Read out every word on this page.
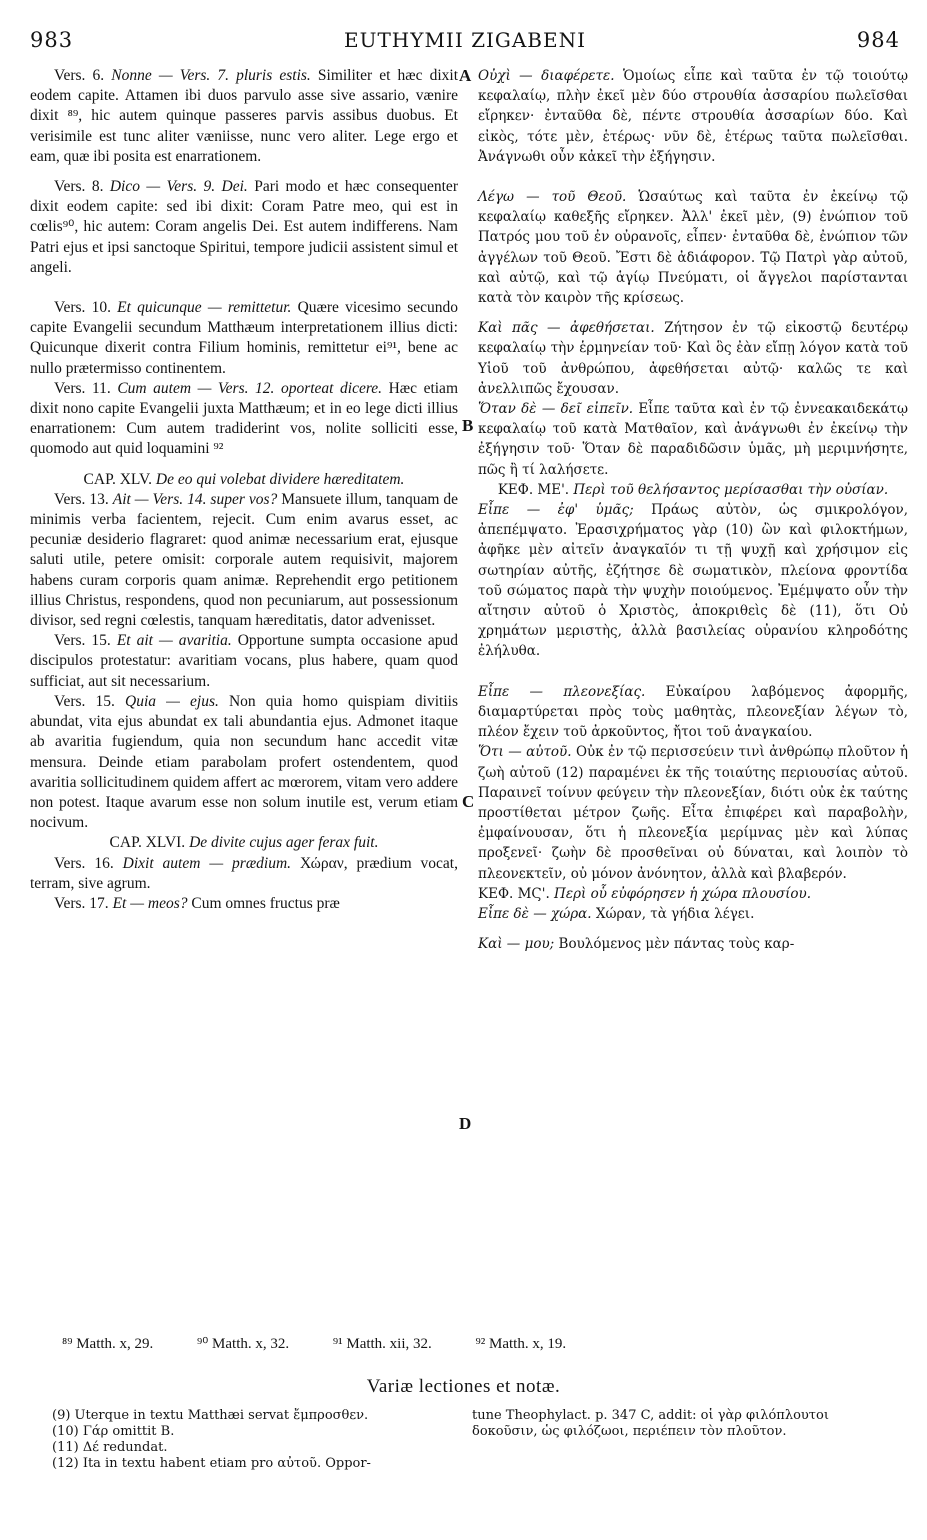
983	EUTHYMII ZIGABENI	984

Vers. 6. Nonne — Vers. 7. pluris estis. Similiter et hæc dixit eodem capite. Attamen ibi duos parvulo asse sive assario, vænire dixit ⁸⁹, hic autem quinque passeres parvis assibus duobus. Et verisimile est tunc aliter væniisse, nunc vero aliter. Lege ergo et eam, quæ ibi posita est enarrationem.

Vers. 8. Dico — Vers. 9. Dei. Pari modo et hæc consequenter dixit eodem capite: sed ibi dixit: Coram Patre meo, qui est in cœlis⁹⁰, hic autem: Coram angelis Dei. Est autem indifferens. Nam Patri ejus et ipsi sanctoque Spiritui, tempore judicii assistent simul et angeli.

Vers. 10. Et quicunque — remittetur. Quære vicesimo secundo capite Evangelii secundum Matthæum interpretationem illius dicti: Quicunque dixerit contra Filium hominis, remittetur ei⁹¹, bene ac nullo prætermisso continentem.

Vers. 11. Cum autem — Vers. 12. oporteat dicere. Hæc etiam dixit nono capite Evangelii juxta Matthæum; et in eo lege dicti illius enarrationem: Cum autem tradiderint vos, nolite solliciti esse, quomodo aut quid loquamini ⁹²

CAP. XLV. De eo qui volebat dividere hæreditatem.

Vers. 13. Ait — Vers. 14. super vos? Mansuete illum, tanquam de minimis verba facientem, rejecit. Cum enim avarus esset, ac pecuniæ desiderio flagraret: quod animæ necessarium erat, ejusque saluti utile, petere omisit: corporale autem requisivit, majorem habens curam corporis quam animæ. Reprehendit ergo petitionem illius Christus, respondens, quod non pecuniarum, aut possessionum divisor, sed regni cœlestis, tanquam hæreditatis, dator advenisset.

Vers. 15. Et ait — avaritia. Opportune sumpta occasione apud discipulos protestatur: avaritiam vocans, plus habere, quam quod sufficiat, aut sit necessarium.

Vers. 15. Quia — ejus. Non quia homo quispiam divitiis abundat, vita ejus abundat ex tali abundantia ejus. Admonet itaque ab avaritia fugiendum, quia non secundum hanc accedit vitæ mensura. Deinde etiam parabolam profert ostendentem, quod avaritia sollicitudinem quidem affert ac mœrorem, vitam vero addere non potest. Itaque avarum esse non solum inutile est, verum etiam nocivum.

CAP. XLVI. De divite cujus ager ferax fuit.

Vers. 16. Dixit autem — prædium. Χώραν, prædium vocat, terram, sive agrum.

Vers. 17. Et — meos? Cum omnes fructus præ

A
B
C
D

Οὐχὶ — διαφέρετε. Ὁμοίως εἶπε καὶ ταῦτα ἐν τῷ τοιούτῳ κεφαλαίῳ, πλὴν ἐκεῖ μὲν δύο στρουθία ἀσσαρίου πωλεῖσθαι εἴρηκεν· ἐνταῦθα δὲ, πέντε στρουθία ἀσσαρίων δύο. Καὶ εἰκὸς, τότε μὲν, ἑτέρως· νῦν δὲ, ἑτέρως ταῦτα πωλεῖσθαι. Ἀνάγνωθι οὖν κἀκεῖ τὴν ἐξήγησιν.

Λέγω — τοῦ Θεοῦ. Ὡσαύτως καὶ ταῦτα ἐν ἐκείνῳ τῷ κεφαλαίῳ καθεξῆς εἴρηκεν. Ἀλλ' ἐκεῖ μὲν, (9) ἐνώπιον τοῦ Πατρός μου τοῦ ἐν οὐρανοῖς, εἶπεν· ἐνταῦθα δὲ, ἐνώπιον τῶν ἀγγέλων τοῦ Θεοῦ. Ἔστι δὲ ἀδιάφορον. Τῷ Πατρὶ γὰρ αὐτοῦ, καὶ αὐτῷ, καὶ τῷ ἁγίῳ Πνεύματι, οἱ ἄγγελοι παρίστανται κατὰ τὸν καιρὸν τῆς κρίσεως.

Καὶ πᾶς — ἀφεθήσεται. Ζήτησον ἐν τῷ εἰκοστῷ δευτέρῳ κεφαλαίῳ τὴν ἑρμηνείαν τοῦ· Καὶ ὃς ἐὰν εἴπῃ λόγον κατὰ τοῦ Υἱοῦ τοῦ ἀνθρώπου, ἀφεθήσεται αὐτῷ· καλῶς τε καὶ ἀνελλιπῶς ἔχουσαν.

Ὅταν δὲ — δεῖ εἰπεῖν. Εἶπε ταῦτα καὶ ἐν τῷ ἐννεακαιδεκάτῳ κεφαλαίῳ τοῦ κατὰ Ματθαῖον, καὶ ἀνάγνωθι ἐν ἐκείνῳ τὴν ἐξήγησιν τοῦ· Ὅταν δὲ παραδιδῶσιν ὑμᾶς, μὴ μεριμνήσητε, πῶς ἢ τί λαλήσετε.

ΚΕΦ. ΜΕ'. Περὶ τοῦ θελήσαντος μερίσασθαι τὴν οὐσίαν.

Εἶπε — ἐφ' ὑμᾶς; Πράως αὐτὸν, ὡς σμικρολόγον, ἀπεπέμψατο. Ἐρασιχρήματος γὰρ (10) ὢν καὶ φιλοκτήμων, ἀφῆκε μὲν αἰτεῖν ἀναγκαῖόν τι τῇ ψυχῇ καὶ χρήσιμον εἰς σωτηρίαν αὐτῆς, ἐζήτησε δὲ σωματικὸν, πλείονα φροντίδα τοῦ σώματος παρὰ τὴν ψυχὴν ποιούμενος. Ἐμέμψατο οὖν τὴν αἴτησιν αὐτοῦ ὁ Χριστὸς, ἀποκριθεὶς δὲ (11), ὅτι Οὐ χρημάτων μεριστὴς, ἀλλὰ βασιλείας οὐρανίου κληροδότης ἐλήλυθα.

Εἶπε — πλεονεξίας. Εὐκαίρου λαβόμενος ἀφορμῆς, διαμαρτύρεται πρὸς τοὺς μαθητὰς, πλεονεξίαν λέγων τὸ, πλέον ἔχειν τοῦ ἀρκοῦντος, ἤτοι τοῦ ἀναγκαίου.

Ὅτι — αὐτοῦ. Οὐκ ἐν τῷ περισσεύειν τινὶ ἀνθρώπῳ πλοῦτον ἡ ζωὴ αὐτοῦ (12) παραμένει ἐκ τῆς τοιαύτης περιουσίας αὐτοῦ. Παραινεῖ τοίνυν φεύγειν τὴν πλεονεξίαν, διότι οὐκ ἐκ ταύτης προστίθεται μέτρον ζωῆς. Εἶτα ἐπιφέρει καὶ παραβολὴν, ἐμφαίνουσαν, ὅτι ἡ πλεονεξία μερίμνας μὲν καὶ λύπας προξενεῖ· ζωὴν δὲ προσθεῖναι οὐ δύναται, καὶ λοιπὸν τὸ πλεονεκτεῖν, οὐ μόνον ἀνόνητον, ἀλλὰ καὶ βλαβερόν.

ΚΕΦ. ΜϚ'. Περὶ οὗ εὐφόρησεν ἡ χώρα πλουσίου.

Εἶπε δὲ — χώρα. Χώραν, τὰ γήδια λέγει.

Καὶ — μου; Βουλόμενος μὲν πάντας τοὺς καρ-

⁸⁹ Matth. x, 29.	⁹⁰ Matth. x, 32.	⁹¹ Matth. xii, 32.	⁹² Matth. x, 19.
Variæ lectiones et notæ.
(9) Uterque in textu Matthæi servat ἔμπροσθεν.
(10) Γάρ omittit B.
(11) Δέ redundat.
(12) Ita in textu habent etiam pro αὐτοῦ. Oppor-
tune Theophylact. p. 347 C, addit: οἱ γὰρ φιλόπλουτοι δοκοῦσιν, ὡς φιλόζωοι, περιέπειν τὸν πλοῦτον.
